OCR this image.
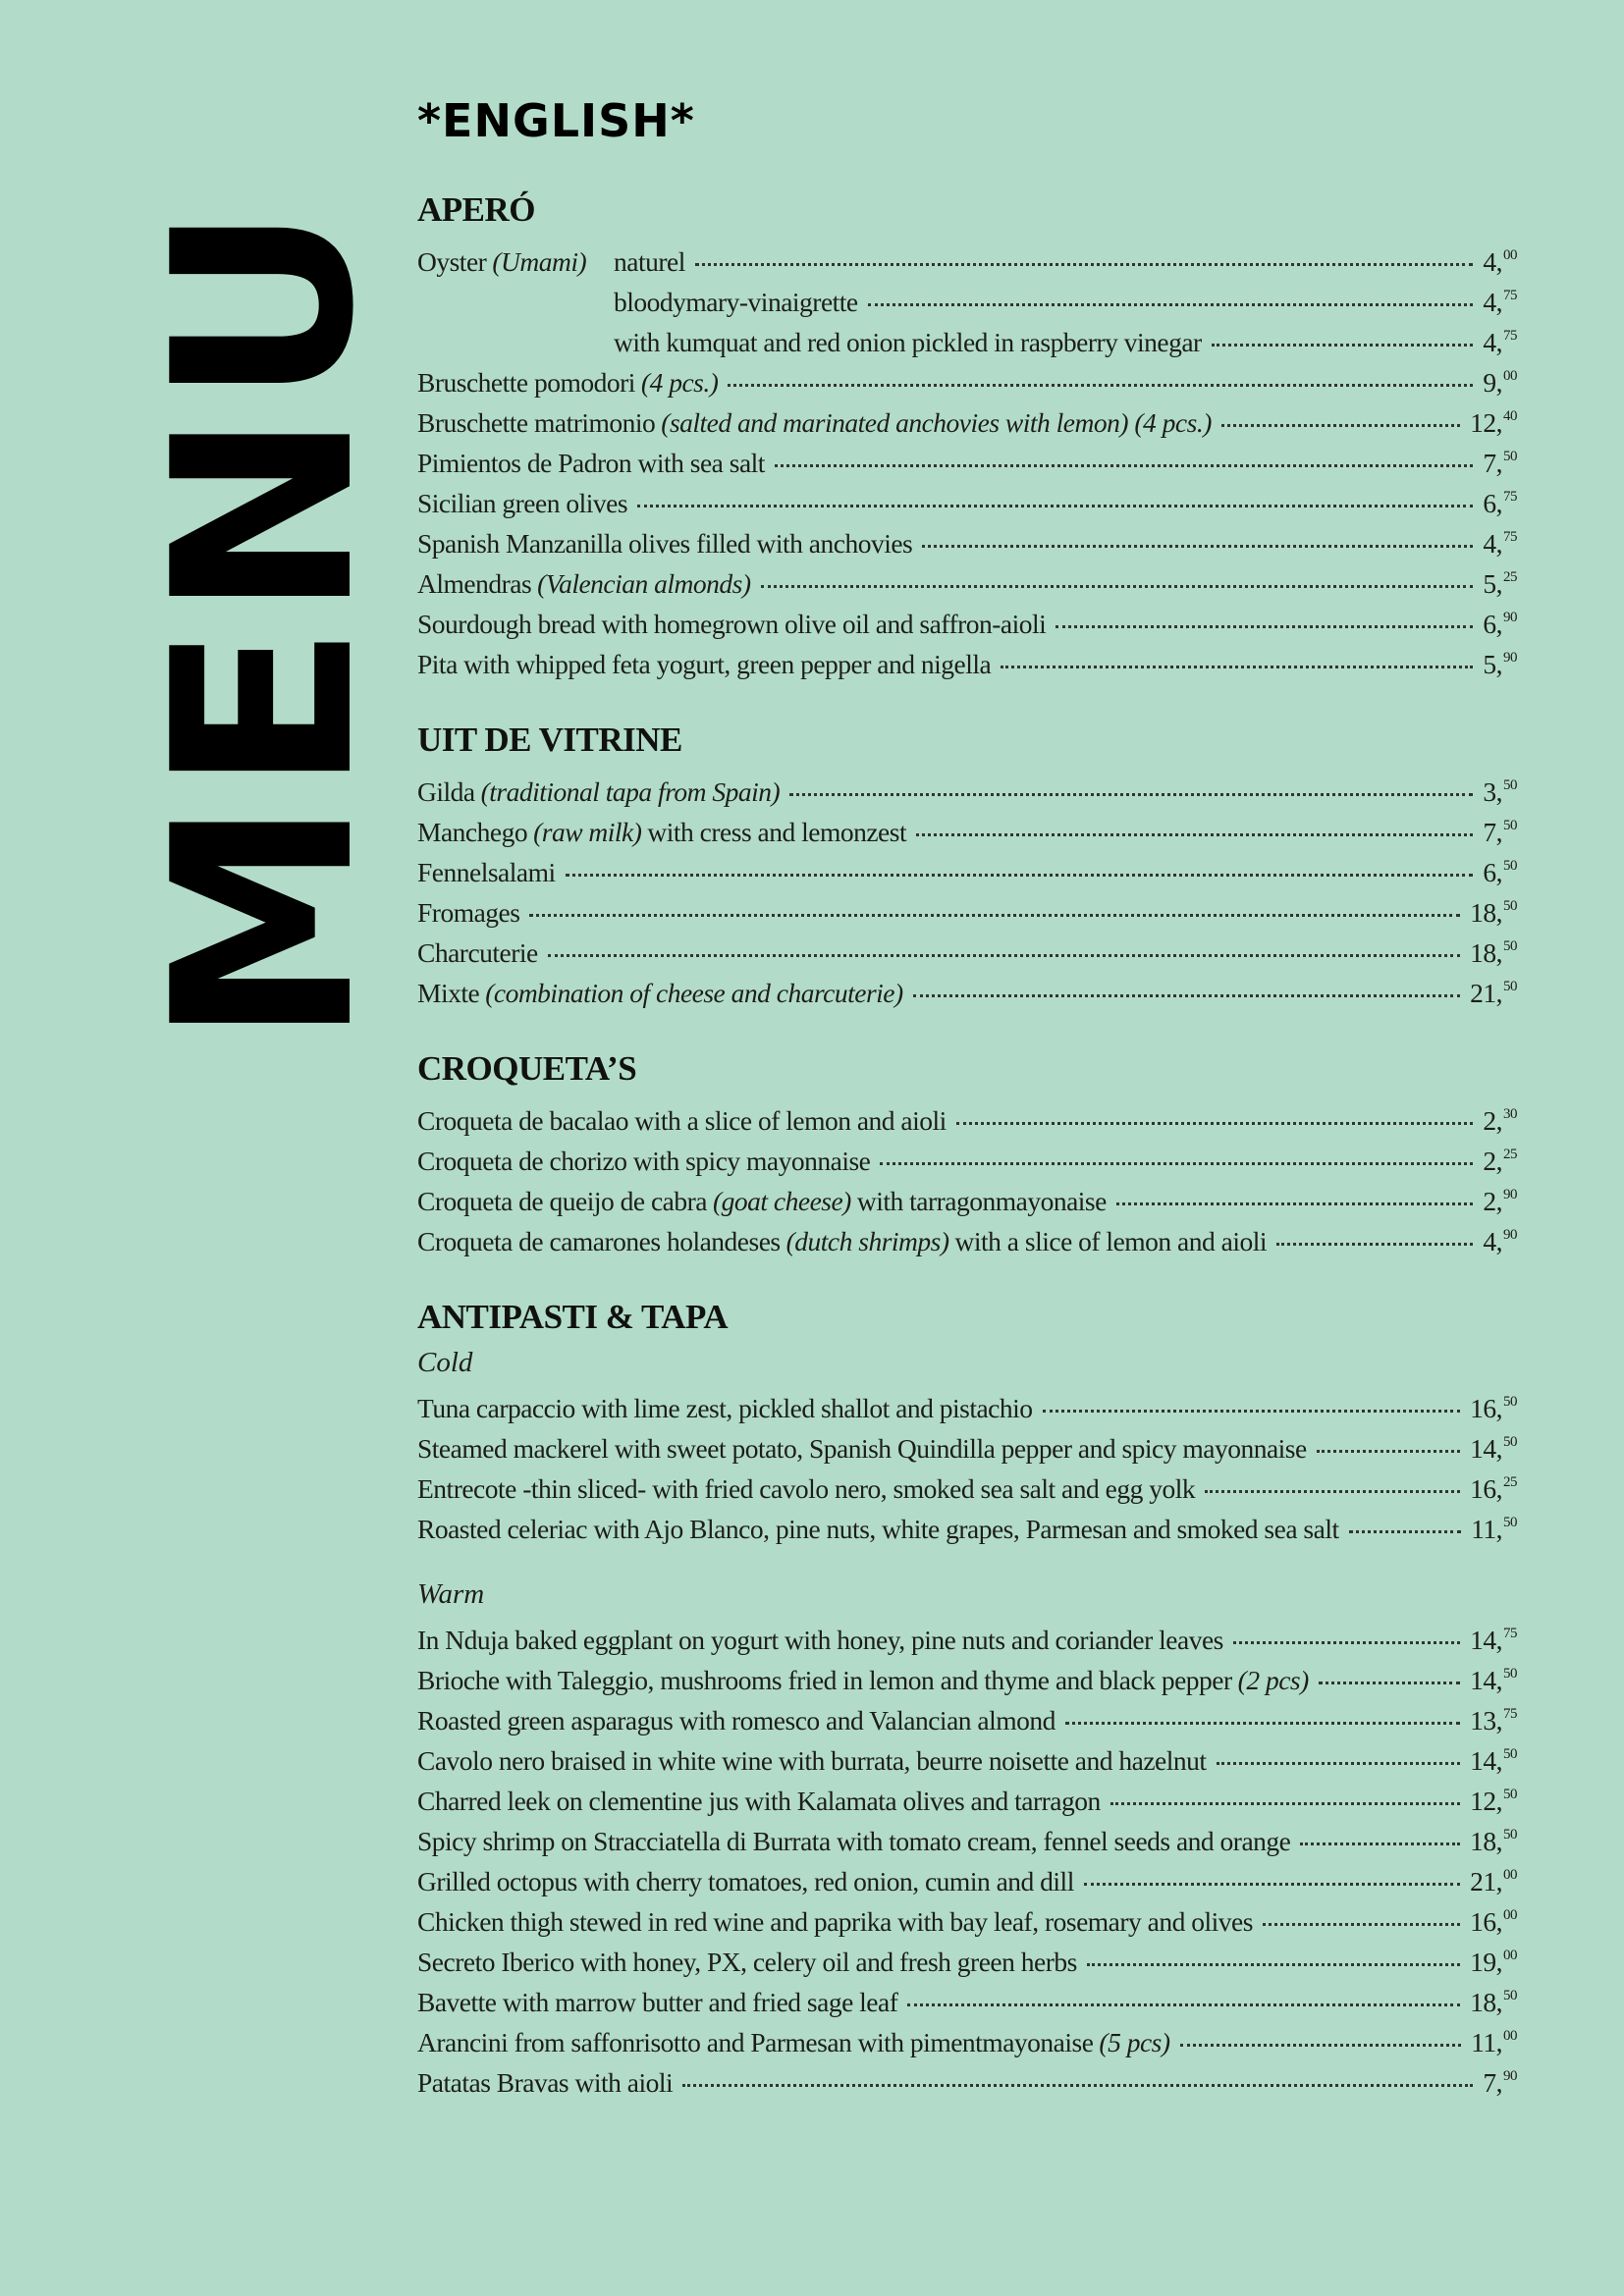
MENU
*ENGLISH*
APERÓ
Oyster (Umami) naturel	4,00
bloodymary-vinaigrette	4,75
with kumquat and red onion pickled in raspberry vinegar	4,75
Bruschette pomodori (4 pcs.)	9,00
Bruschette matrimonio (salted and marinated anchovies with lemon) (4 pcs.)	12,40
Pimientos de Padron with sea salt	7,50
Sicilian green olives	6,75
Spanish Manzanilla olives filled with anchovies	4,75
Almendras (Valencian almonds)	5,25
Sourdough bread with homegrown olive oil and saffron-aioli	6,90
Pita with whipped feta yogurt, green pepper and nigella	5,90
UIT DE VITRINE
Gilda (traditional tapa from Spain)	3,50
Manchego (raw milk) with cress and lemonzest	7,50
Fennelsalami	6,50
Fromages	18,50
Charcuterie	18,50
Mixte (combination of cheese and charcuterie)	21,50
CROQUETA’S
Croqueta de bacalao with a slice of lemon and aioli	2,30
Croqueta de chorizo with spicy mayonnaise	2,25
Croqueta de queijo de cabra (goat cheese) with tarragonmayonaise	2,90
Croqueta de camarones holandeses (dutch shrimps) with a slice of lemon and aioli	4,90
ANTIPASTI & TAPA
Cold
Tuna carpaccio with lime zest, pickled shallot and pistachio	16,50
Steamed mackerel with sweet potato, Spanish Quindilla pepper and spicy mayonnaise	14,50
Entrecote -thin sliced- with fried cavolo nero, smoked sea salt and egg yolk	16,25
Roasted celeriac with Ajo Blanco, pine nuts, white grapes, Parmesan and smoked sea salt	11,50
Warm
In Nduja baked eggplant on yogurt with honey, pine nuts and coriander leaves	14,75
Brioche with Taleggio, mushrooms fried in lemon and thyme and black pepper (2 pcs)	14,50
Roasted green asparagus with romesco and Valancian almond	13,75
Cavolo nero braised in white wine with burrata, beurre noisette and hazelnut	14,50
Charred leek on clementine jus with Kalamata olives and tarragon	12,50
Spicy shrimp on Stracciatella di Burrata with tomato cream, fennel seeds and orange	18,50
Grilled octopus with cherry tomatoes, red onion, cumin and dill	21,00
Chicken thigh stewed in red wine and paprika with bay leaf, rosemary and olives	16,00
Secreto Iberico with honey, PX, celery oil and fresh green herbs	19,00
Bavette with marrow butter and fried sage leaf	18,50
Arancini from saffonrisotto and Parmesan with pimentmayonaise (5 pcs)	11,00
Patatas Bravas with aioli	7,90
